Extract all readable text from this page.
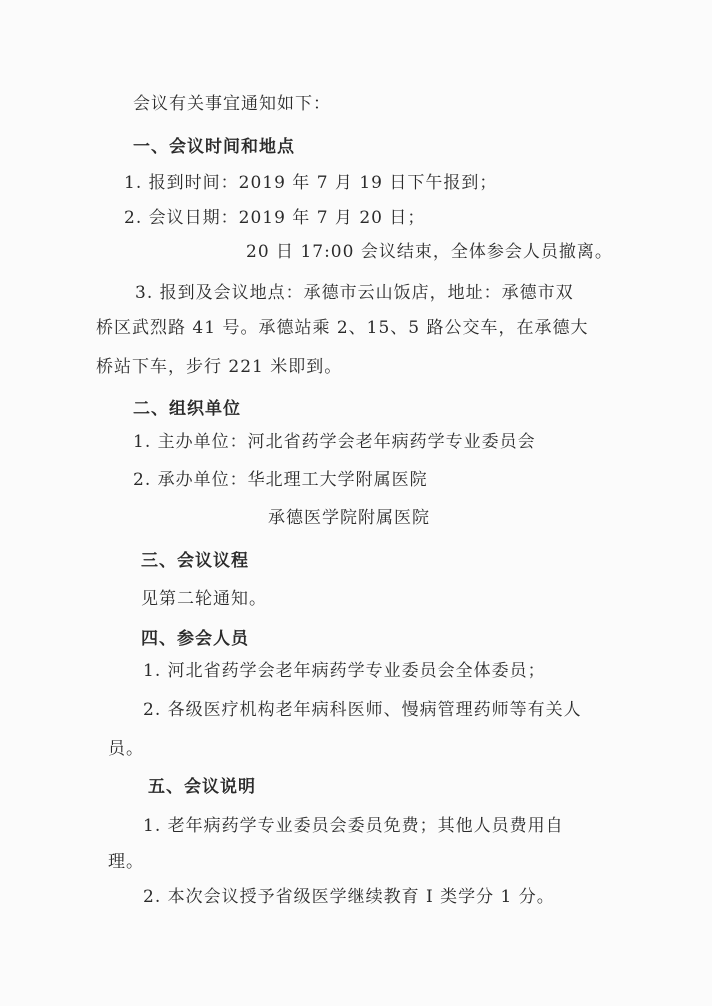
会议有关事宜通知如下：
一、会议时间和地点
1. 报到时间：2019 年 7 月 19 日下午报到；
2. 会议日期：2019 年 7 月 20 日；
20 日 17:00 会议结束，全体参会人员撤离。
3. 报到及会议地点：承德市云山饭店，地址：承德市双
桥区武烈路 41 号。承德站乘 2、15、5 路公交车，在承德大
桥站下车，步行 221 米即到。
二、组织单位
1. 主办单位：河北省药学会老年病药学专业委员会
2. 承办单位：华北理工大学附属医院
承德医学院附属医院
三、会议议程
见第二轮通知。
四、参会人员
1. 河北省药学会老年病药学专业委员会全体委员；
2. 各级医疗机构老年病科医师、慢病管理药师等有关人
员。
五、会议说明
1. 老年病药学专业委员会委员免费；其他人员费用自
理。
2. 本次会议授予省级医学继续教育 I 类学分 1 分。
